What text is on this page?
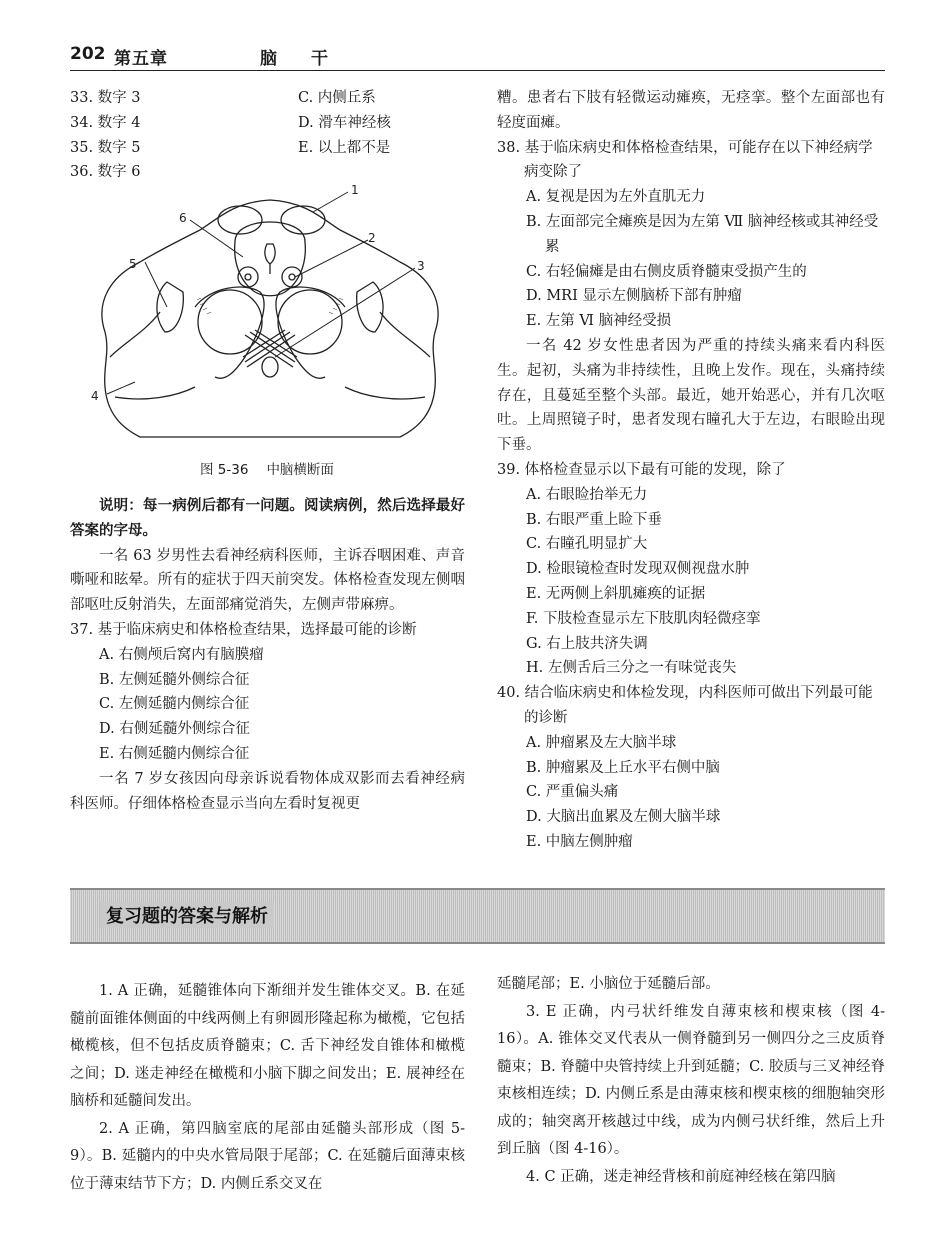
202 第五章	脑　　干
33. 数字 3
34. 数字 4
35. 数字 5
36. 数字 6
C. 内侧丘系
D. 滑车神经核
E. 以上都不是
1
2
3
4
5
6
图 5-36 中脑横断面

说明：每一病例后都有一问题。阅读病例，然后选择最好答案的字母。

一名 63 岁男性去看神经病科医师，主诉吞咽困难、声音嘶哑和眩晕。所有的症状于四天前突发。体格检查发现左侧咽部呕吐反射消失，左面部痛觉消失，左侧声带麻痹。

37. 基于临床病史和体格检查结果，选择最可能的诊断

A. 右侧颅后窝内有脑膜瘤

B. 左侧延髓外侧综合征

C. 左侧延髓内侧综合征

D. 右侧延髓外侧综合征

E. 右侧延髓内侧综合征

一名 7 岁女孩因向母亲诉说看物体成双影而去看神经病科医师。仔细体格检查显示当向左看时复视更

糟。患者右下肢有轻微运动瘫痪，无痉挛。整个左面部也有轻度面瘫。

38. 基于临床病史和体格检查结果，可能存在以下神经病学病变除了

A. 复视是因为左外直肌无力

B. 左面部完全瘫痪是因为左第 Ⅶ 脑神经核或其神经受累

C. 右轻偏瘫是由右侧皮质脊髓束受损产生的

D. MRI 显示左侧脑桥下部有肿瘤

E. 左第 Ⅵ 脑神经受损

一名 42 岁女性患者因为严重的持续头痛来看内科医生。起初，头痛为非持续性，且晚上发作。现在，头痛持续存在，且蔓延至整个头部。最近，她开始恶心，并有几次呕吐。上周照镜子时，患者发现右瞳孔大于左边，右眼睑出现下垂。

39. 体格检查显示以下最有可能的发现，除了

A. 右眼睑抬举无力

B. 右眼严重上睑下垂

C. 右瞳孔明显扩大

D. 检眼镜检查时发现双侧视盘水肿

E. 无两侧上斜肌瘫痪的证据

F. 下肢检查显示左下肢肌肉轻微痉挛

G. 右上肢共济失调

H. 左侧舌后三分之一有味觉丧失

40. 结合临床病史和体检发现，内科医师可做出下列最可能的诊断

A. 肿瘤累及左大脑半球

B. 肿瘤累及上丘水平右侧中脑

C. 严重偏头痛

D. 大脑出血累及左侧大脑半球

E. 中脑左侧肿瘤

复习题的答案与解析

1. A 正确，延髓锥体向下渐细并发生锥体交叉。B. 在延髓前面锥体侧面的中线两侧上有卵圆形隆起称为橄榄，它包括橄榄核，但不包括皮质脊髓束；C. 舌下神经发自锥体和橄榄之间；D. 迷走神经在橄榄和小脑下脚之间发出；E. 展神经在脑桥和延髓间发出。

2. A 正确，第四脑室底的尾部由延髓头部形成（图 5-9）。B. 延髓内的中央水管局限于尾部；C. 在延髓后面薄束核位于薄束结节下方；D. 内侧丘系交叉在

延髓尾部；E. 小脑位于延髓后部。

3. E 正确，内弓状纤维发自薄束核和楔束核（图 4-16）。A. 锥体交叉代表从一侧脊髓到另一侧四分之三皮质脊髓束；B. 脊髓中央管持续上升到延髓；C. 胶质与三叉神经脊束核相连续；D. 内侧丘系是由薄束核和楔束核的细胞轴突形成的；轴突离开核越过中线，成为内侧弓状纤维，然后上升到丘脑（图 4-16）。

4. C 正确，迷走神经背核和前庭神经核在第四脑
